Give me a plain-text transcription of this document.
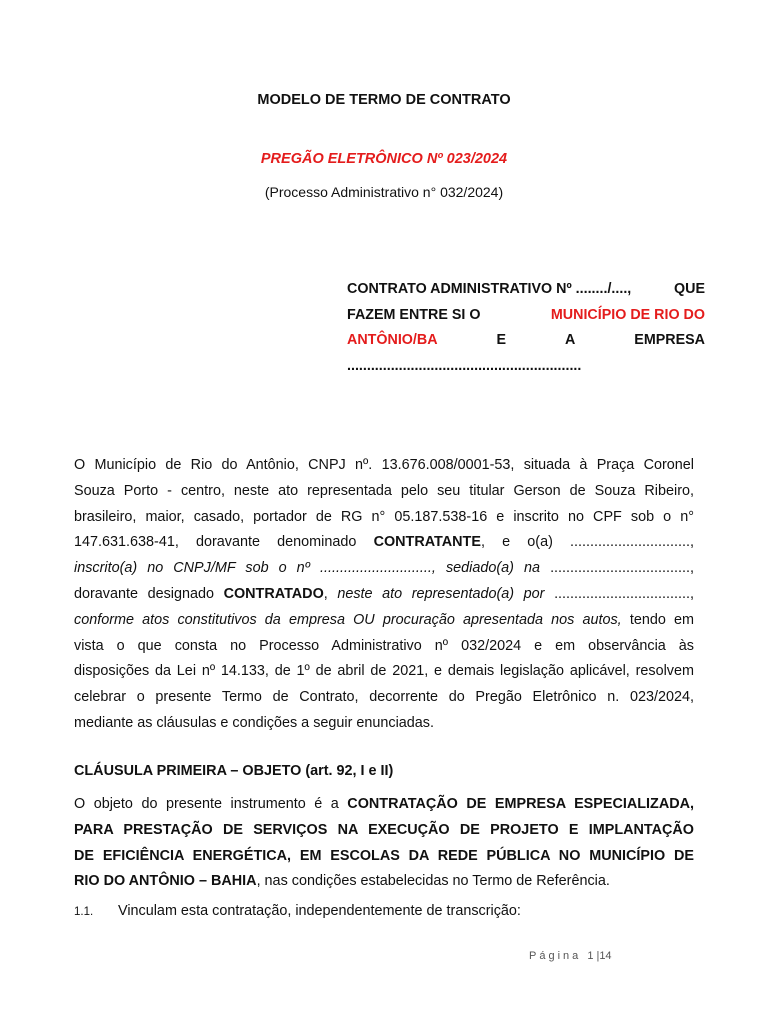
MODELO DE TERMO DE CONTRATO
PREGÃO ELETRÔNICO Nº 023/2024
(Processo Administrativo n° 032/2024)
CONTRATO ADMINISTRATIVO Nº ......../....,	QUE
FAZEM ENTRE SI O	MUNICÍPIO DE RIO DO
ANTÔNIO/BA	E	A	EMPRESA
...........................................................
O Município de Rio do Antônio, CNPJ nº. 13.676.008/0001-53, situada à Praça Coronel
Souza Porto - centro, neste ato representada pelo seu titular Gerson de Souza Ribeiro,
brasileiro, maior, casado, portador de RG n° 05.187.538-16 e inscrito no CPF sob o n°
147.631.638-41, doravante denominado CONTRATANTE, e o(a) ..............................,
inscrito(a) no CNPJ/MF sob o nº ............................, sediado(a) na ...................................,
doravante designado CONTRATADO, neste ato representado(a) por ..................................,
conforme atos constitutivos da empresa OU procuração apresentada nos autos, tendo em
vista o que consta no Processo Administrativo nº 032/2024 e em observância às
disposições da Lei nº 14.133, de 1º de abril de 2021, e demais legislação aplicável, resolvem
celebrar o presente Termo de Contrato, decorrente do Pregão Eletrônico n. 023/2024,
mediante as cláusulas e condições a seguir enunciadas.
CLÁUSULA PRIMEIRA – OBJETO (art. 92, I e II)
O objeto do presente instrumento é a CONTRATAÇÃO DE EMPRESA ESPECIALIZADA,
PARA PRESTAÇÃO DE SERVIÇOS NA EXECUÇÃO DE PROJETO E IMPLANTAÇÃO
DE EFICIÊNCIA ENERGÉTICA, EM ESCOLAS DA REDE PÚBLICA NO MUNICÍPIO DE
RIO DO ANTÔNIO – BAHIA, nas condições estabelecidas no Termo de Referência.
1.1. Vinculam esta contratação, independentemente de transcrição:
Página 1|14
